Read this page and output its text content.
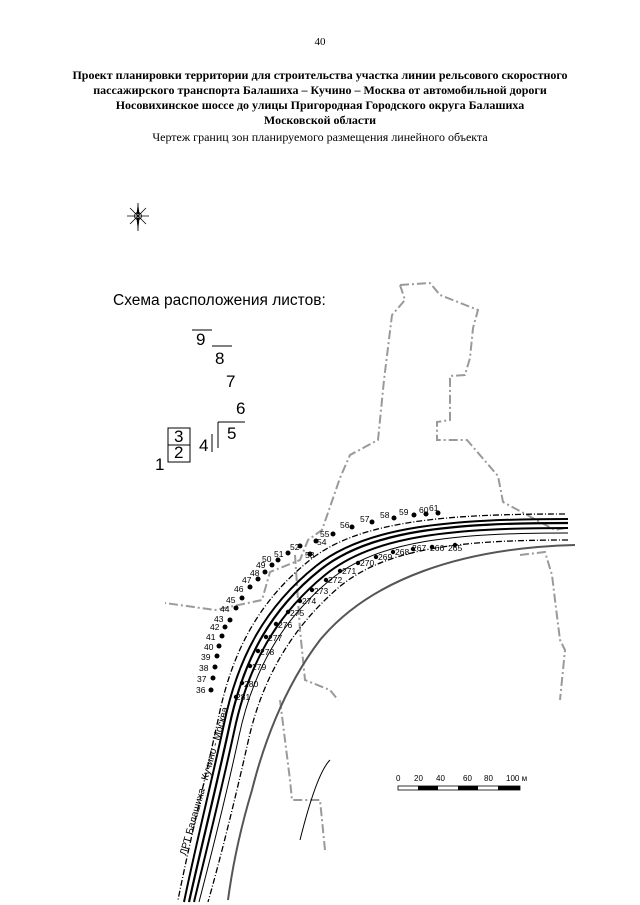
40
Проект планировки территории для строительства участка линии рельсового скоростного
пассажирского транспорта Балашиха – Кучино – Москва от автомобильной дороги
Носовихинское шоссе до улицы Пригородная Городского округа Балашиха
Московской области
Чертеж границ зон планируемого размещения линейного объекта
Схема расположения листов:
9
8
7
6
5
4
3
2
1
36
37
38
39
40
41
42
43
44
45
46
47
48
49
50 51
52
53
54
55
56
57 58 59 60 61
265
266
267
268
269
270
271
272
273
274
275
276
277
278
279
280
281
ЛРТ Балашиха - Кучино - Москва	0 20 40 60 80 100 м
